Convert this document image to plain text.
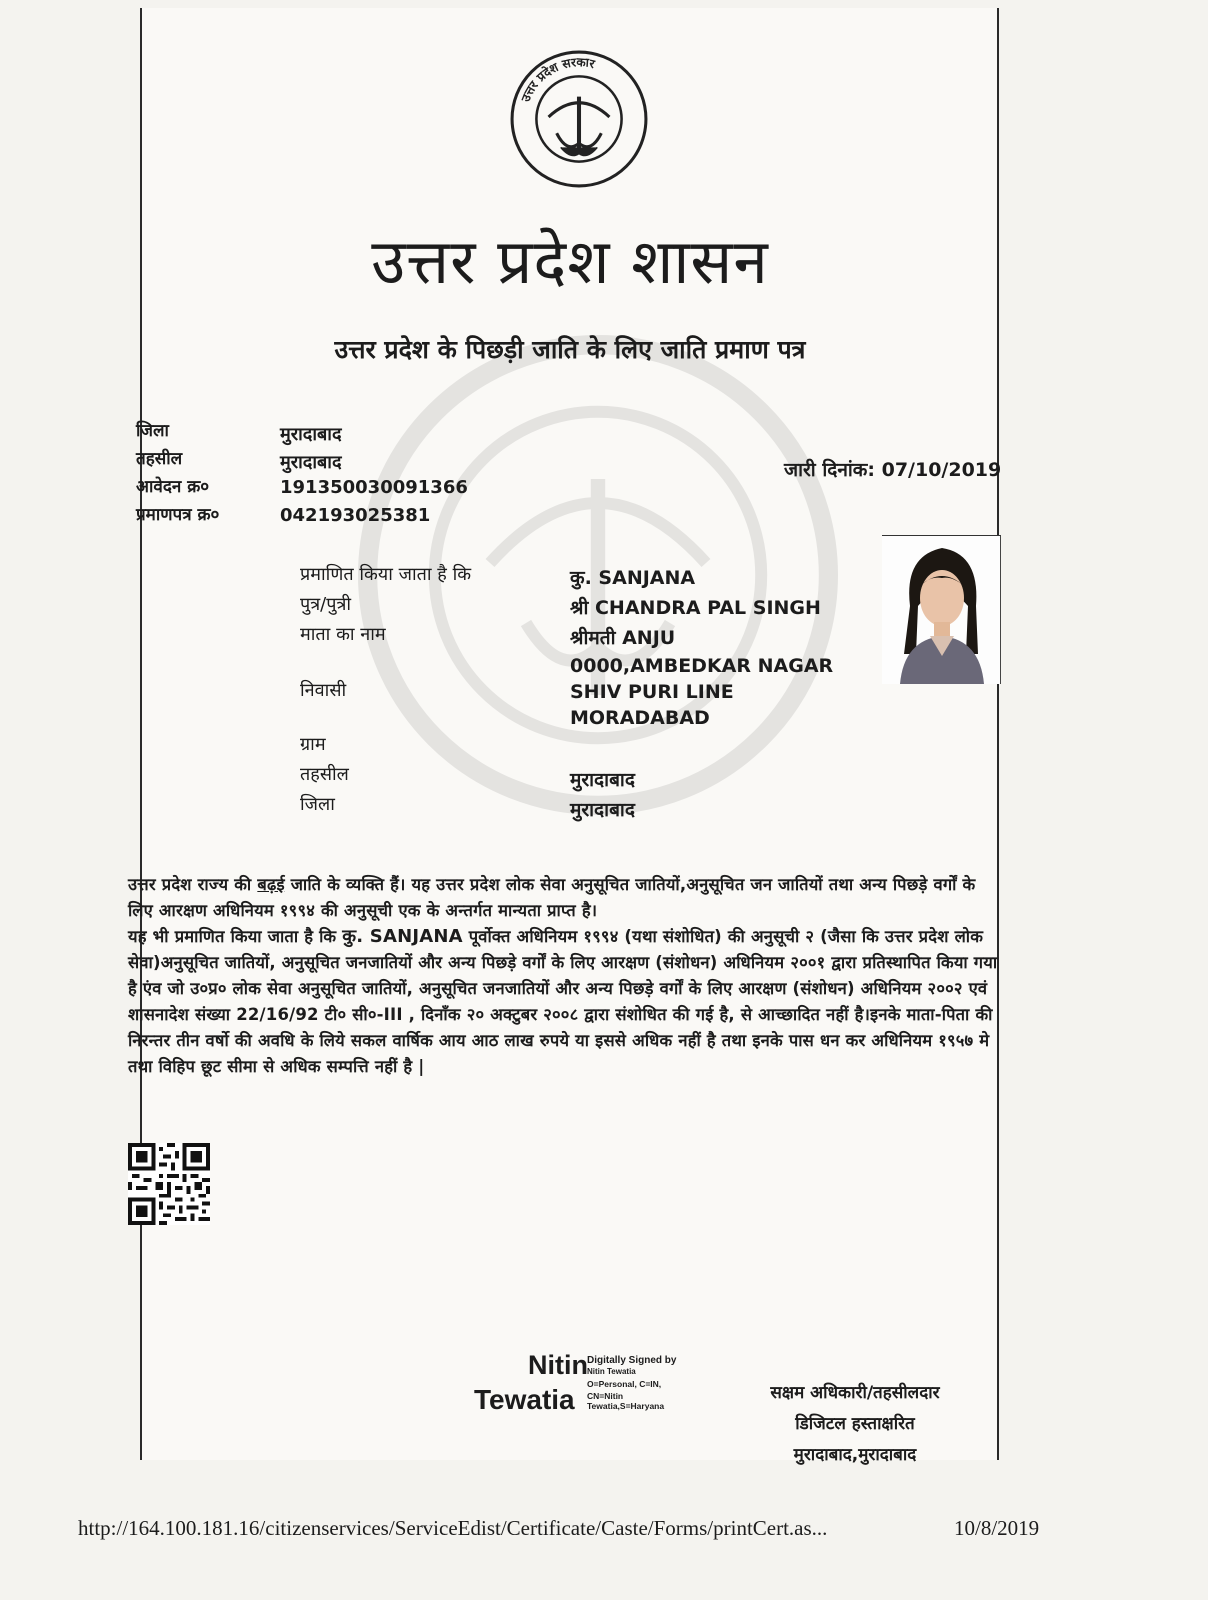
उत्तर प्रदेश सरकार
उत्तर प्रदेश शासन
उत्तर प्रदेश के पिछड़ी जाति के लिए जाति प्रमाण पत्र
जिला	मुरादाबाद
तहसील	मुरादाबाद
आवेदन क्र०	191350030091366
प्रमाणपत्र क्र०	042193025381
जारी दिनांक: 07/10/2019
प्रमाणित किया जाता है कि	कु. SANJANA
पुत्र/पुत्री	श्री CHANDRA PAL SINGH
माता का नाम	श्रीमती ANJU
0000,AMBEDKAR NAGAR
निवासी	SHIV PURI LINE
MORADABAD
ग्राम
तहसील	मुरादाबाद
जिला	मुरादाबाद

उत्तर प्रदेश राज्य की बढ़ई जाति के व्यक्ति हैं। यह उत्तर प्रदेश लोक सेवा अनुसूचित जातियों,अनुसूचित जन जातियों तथा अन्य पिछड़े वर्गों के लिए आरक्षण अधिनियम १९९४ की अनुसूची एक के अन्तर्गत मान्यता प्राप्त है।

यह भी प्रमाणित किया जाता है कि कु. SANJANA पूर्वोक्त अधिनियम १९९४ (यथा संशोधित) की अनुसूची २ (जैसा कि उत्तर प्रदेश लोक सेवा)अनुसूचित जातियों, अनुसूचित जनजातियों और अन्य पिछड़े वर्गों के लिए आरक्षण (संशोधन) अधिनियम २००१ द्वारा प्रतिस्थापित किया गया है एंव जो उ०प्र० लोक सेवा अनुसूचित जातियों, अनुसूचित जनजातियों और अन्य पिछड़े वर्गों के लिए आरक्षण (संशोधन) अधिनियम २००२ एवं शासनादेश संख्या 22/16/92 टी० सी०-III , दिनाँक २० अक्टुबर २००८ द्वारा संशोधित की गई है, से आच्छादित नहीं है।इनके माता-पिता की निरन्तर तीन वर्षो की अवधि के लिये सकल वार्षिक आय आठ लाख रुपये या इससे अधिक नहीं है तथा इनके पास धन कर अधिनियम १९५७ मे तथा विहिप छूट सीमा से अधिक सम्पत्ति नहीं है |

Nitin
Tewatia
Digitally Signed by
Nitin Tewatia
O=Personal, C=IN,
CN=Nitin
Tewatia,S=Haryana
सक्षम अधिकारी/तहसीलदार
डिजिटल हस्ताक्षरित
मुरादाबाद,मुरादाबाद
http://164.100.181.16/citizenservices/ServiceEdist/Certificate/Caste/Forms/printCert.as...	10/8/2019
